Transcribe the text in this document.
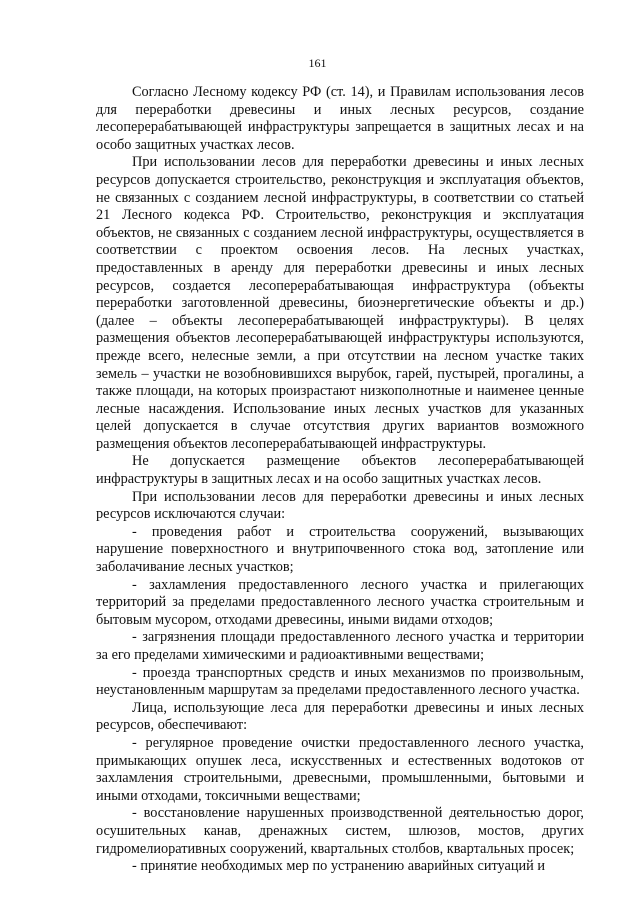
161

Согласно Лесному кодексу РФ (ст. 14), и Правилам использования лесов для переработки древесины и иных лесных ресурсов, создание лесоперерабатывающей инфраструктуры запрещается в защитных лесах и на особо защитных участках лесов.

При использовании лесов для переработки древесины и иных лесных ресурсов допускается строительство, реконструкция и эксплуатация объектов, не связанных с созданием лесной инфраструктуры, в соответствии со статьей 21 Лесного кодекса РФ. Строительство, реконструкция и эксплуатация объектов, не связанных с созданием лесной инфраструктуры, осуществляется в соответствии с проектом освоения лесов. На лесных участках, предоставленных в аренду для переработки древесины и иных лесных ресурсов, создается лесоперерабатывающая инфраструктура (объекты переработки заготовленной древесины, биоэнергетические объекты и др.) (далее – объекты лесоперерабатывающей инфраструктуры). В целях размещения объектов лесоперерабатывающей инфраструктуры используются, прежде всего, нелесные земли, а при отсутствии на лесном участке таких земель – участки не возобновившихся вырубок, гарей, пустырей, прогалины, а также площади, на которых произрастают низкополнотные и наименее ценные лесные насаждения. Использование иных лесных участков для указанных целей допускается в случае отсутствия других вариантов возможного размещения объектов лесоперерабатывающей инфраструктуры.

Не допускается размещение объектов лесоперерабатывающей инфраструктуры в защитных лесах и на особо защитных участках лесов.

При использовании лесов для переработки древесины и иных лесных ресурсов исключаются случаи:

- проведения работ и строительства сооружений, вызывающих нарушение поверхностного и внутрипочвенного стока вод, затопление или заболачивание лесных участков;

- захламления предоставленного лесного участка и прилегающих территорий за пределами предоставленного лесного участка строительным и бытовым мусором, отходами древесины, иными видами отходов;

- загрязнения площади предоставленного лесного участка и территории за его пределами химическими и радиоактивными веществами;

- проезда транспортных средств и иных механизмов по произвольным, неустановленным маршрутам за пределами предоставленного лесного участка.

Лица, использующие леса для переработки древесины и иных лесных ресурсов, обеспечивают:

- регулярное проведение очистки предоставленного лесного участка, примыкающих опушек леса, искусственных и естественных водотоков от захламления строительными, древесными, промышленными, бытовыми и иными отходами, токсичными веществами;

- восстановление нарушенных производственной деятельностью дорог, осушительных канав, дренажных систем, шлюзов, мостов, других гидромелиоративных сооружений, квартальных столбов, квартальных просек;

- принятие необходимых мер по устранению аварийных ситуаций и
